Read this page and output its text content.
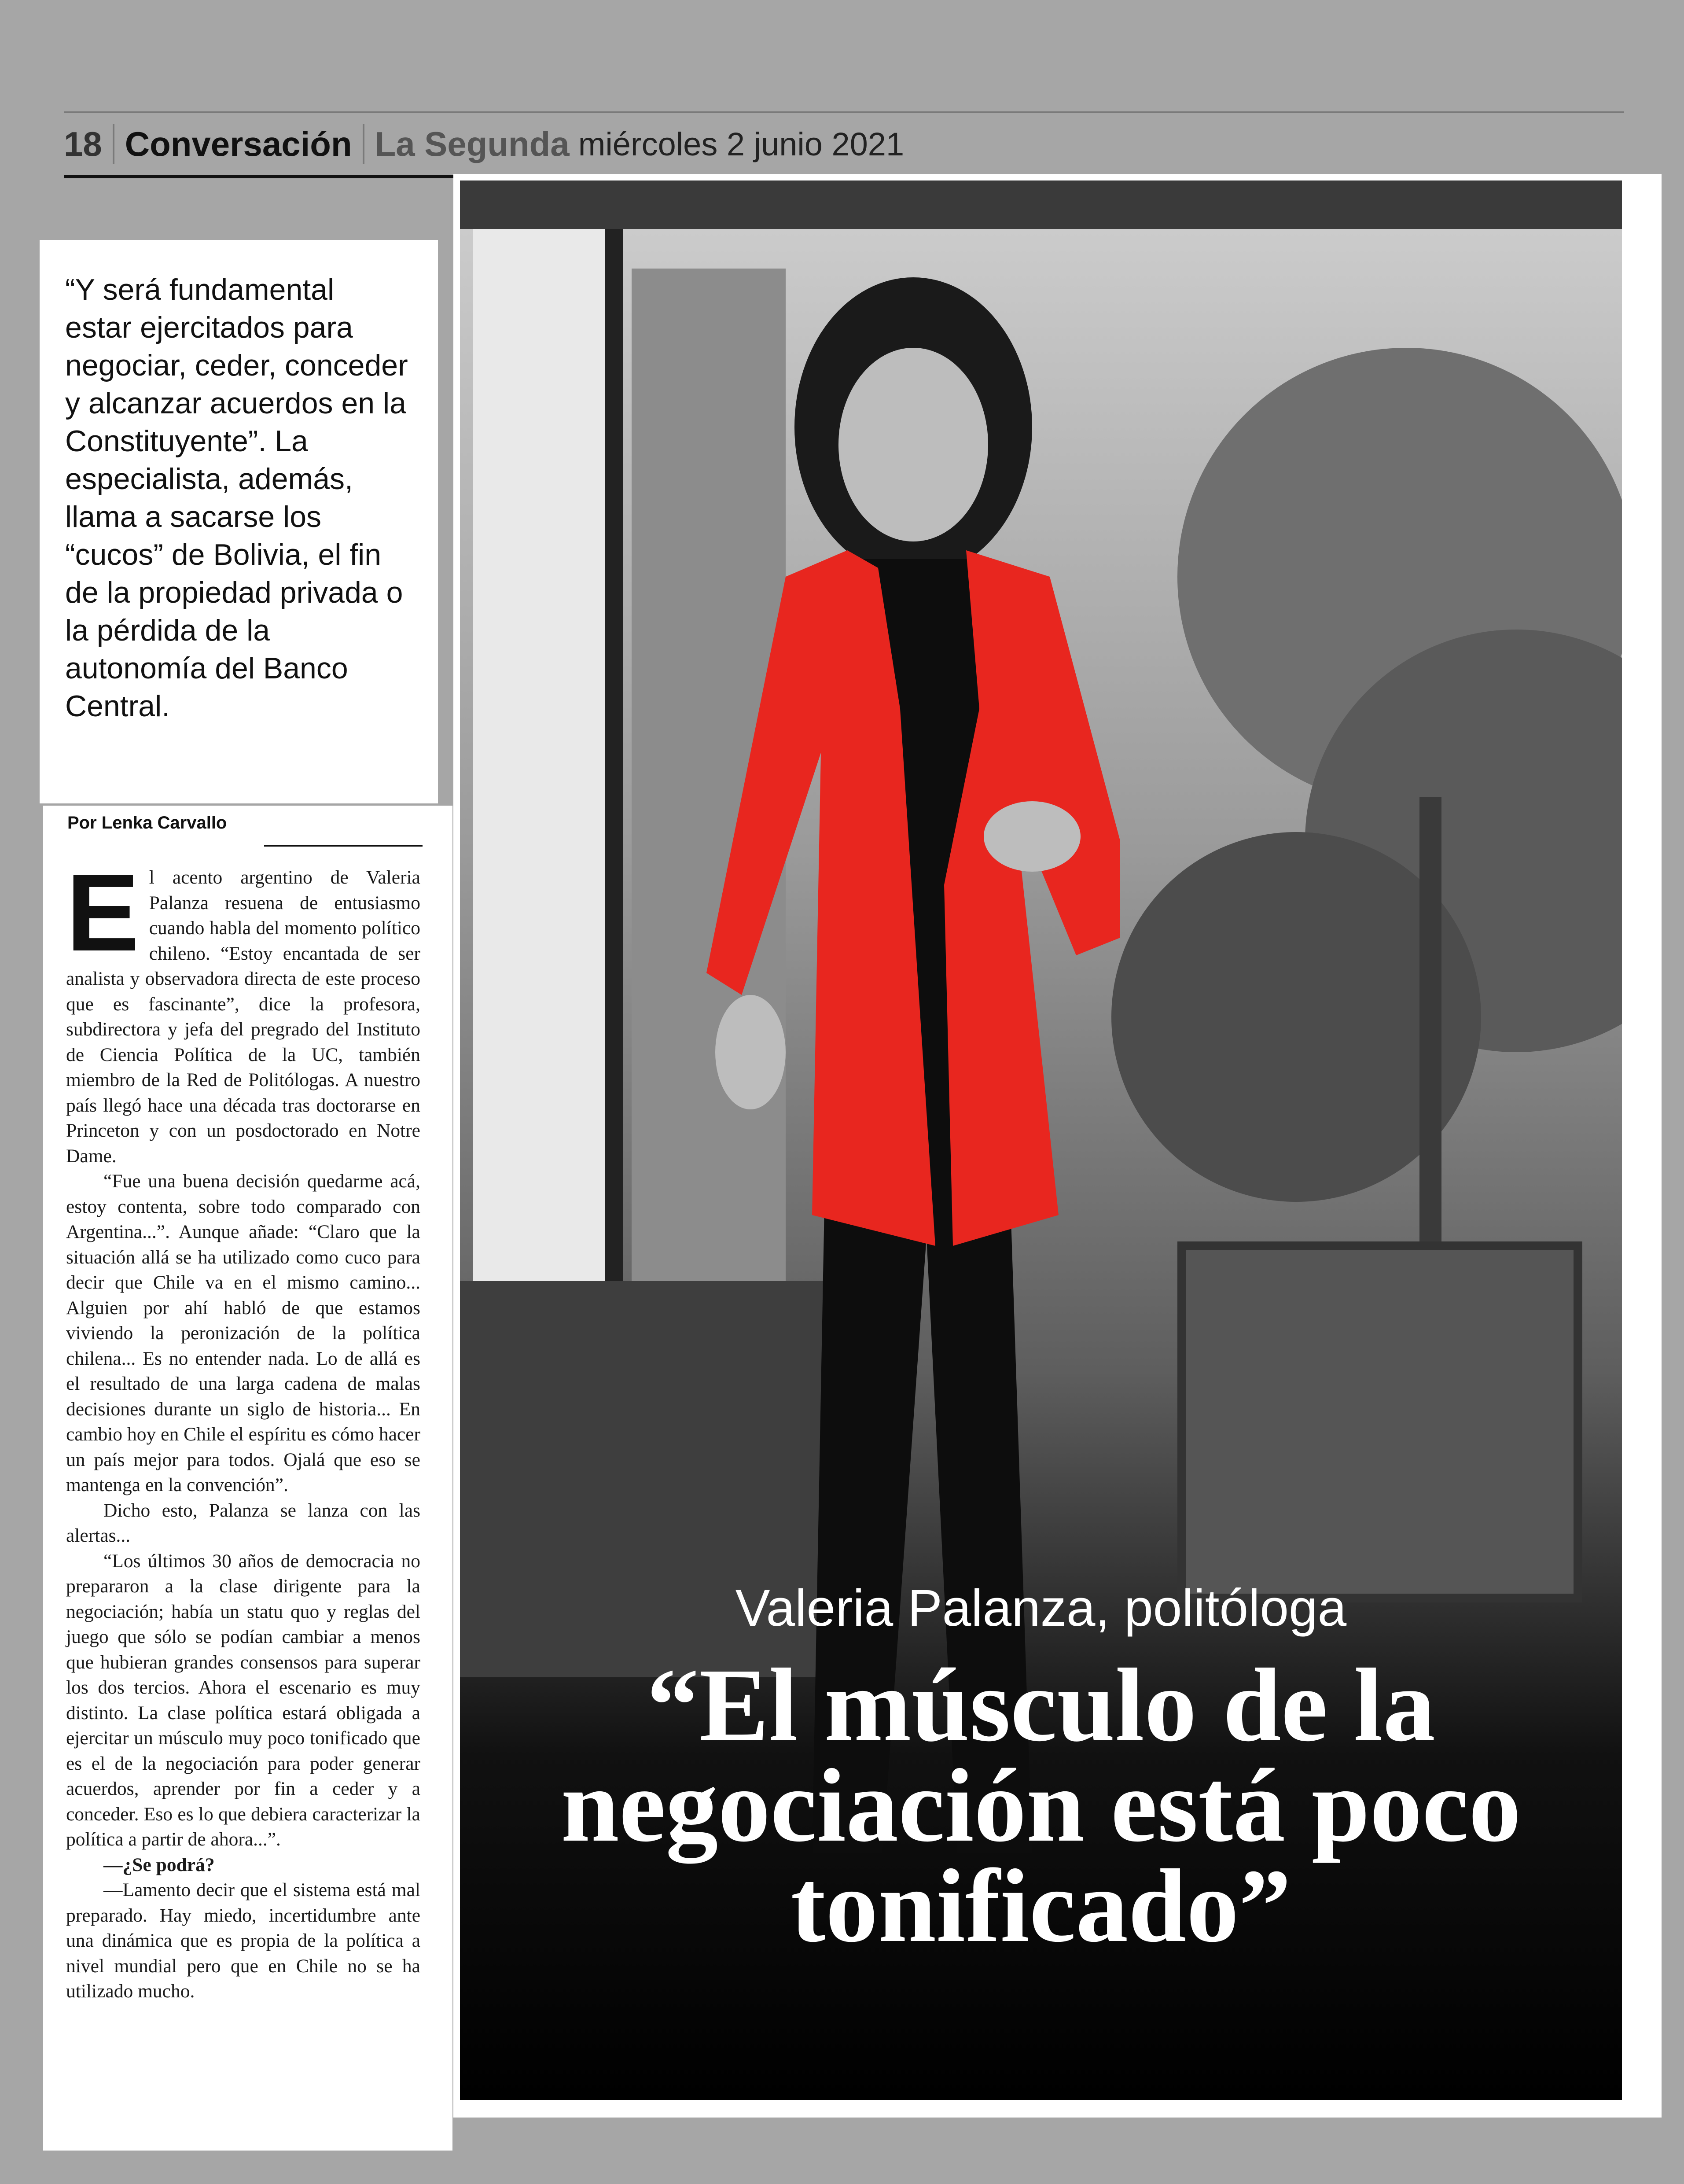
18 Conversación La Segunda miércoles 2 junio 2021

“Y será fundamental estar ejercitados para negociar, ceder, conceder y alcanzar acuerdos en la Constituyente”. La especialista, además, llama a sacarse los “cucos” de Bolivia, el fin de la propiedad privada o la pérdida de la autonomía del Banco Central.

Por Lenka Carvallo

El acento argentino de Valeria Palanza resuena de entusiasmo cuando habla del momento político chileno. “Estoy encantada de ser analista y observadora directa de este proceso que es fascinante”, dice la profesora, subdirectora y jefa del pregrado del Instituto de Ciencia Política de la UC, también miembro de la Red de Politólogas. A nuestro país llegó hace una década tras doctorarse en Princeton y con un posdoctorado en Notre Dame.

“Fue una buena decisión quedarme acá, estoy contenta, sobre todo comparado con Argentina...”. Aunque añade: “Claro que la situación allá se ha utilizado como cuco para decir que Chile va en el mismo camino... Alguien por ahí habló de que estamos viviendo la peronización de la política chilena... Es no entender nada. Lo de allá es el resultado de una larga cadena de malas decisiones durante un siglo de historia... En cambio hoy en Chile el espíritu es cómo hacer un país mejor para todos. Ojalá que eso se mantenga en la convención”.

Dicho esto, Palanza se lanza con las alertas...

“Los últimos 30 años de democracia no prepararon a la clase dirigente para la negociación; había un statu quo y reglas del juego que sólo se podían cambiar a menos que hubieran grandes consensos para superar los dos tercios. Ahora el escenario es muy distinto. La clase política estará obligada a ejercitar un músculo muy poco tonificado que es el de la negociación para poder generar acuerdos, aprender por fin a ceder y a conceder. Eso es lo que debiera caracterizar la política a partir de ahora...”.

—¿Se podrá?

—Lamento decir que el sistema está mal preparado. Hay miedo, incertidumbre ante una dinámica que es propia de la política a nivel mundial pero que en Chile no se ha utilizado mucho.

Valeria Palanza, politóloga

“El músculo de la negociación está poco tonificado”
